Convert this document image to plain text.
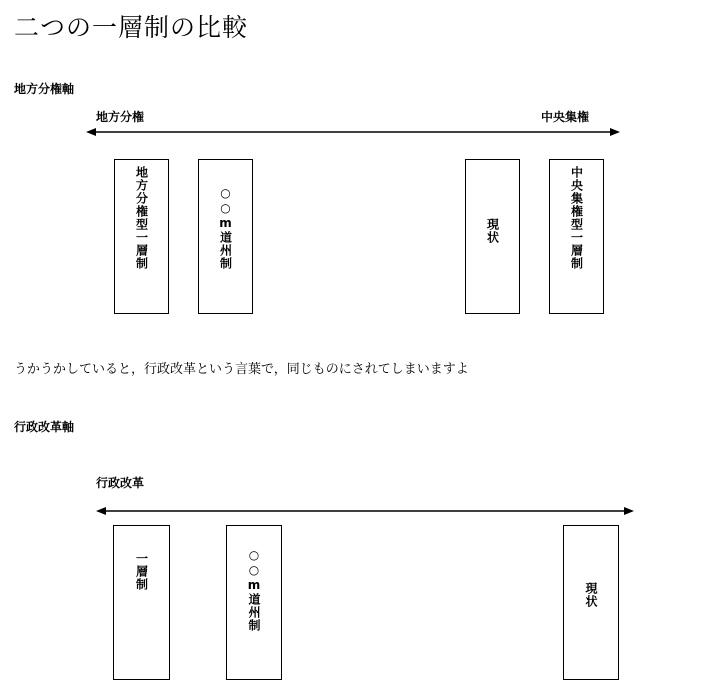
二つの一層制の比較
地方分権軸
地方分権	中央集権
地方分権型一層制	○○m道州制	現状	中央集権型一層制
うかうかしていると，行政改革という言葉で，同じものにされてしまいますよ
行政改革軸
行政改革
一層制	○○m道州制	現状
